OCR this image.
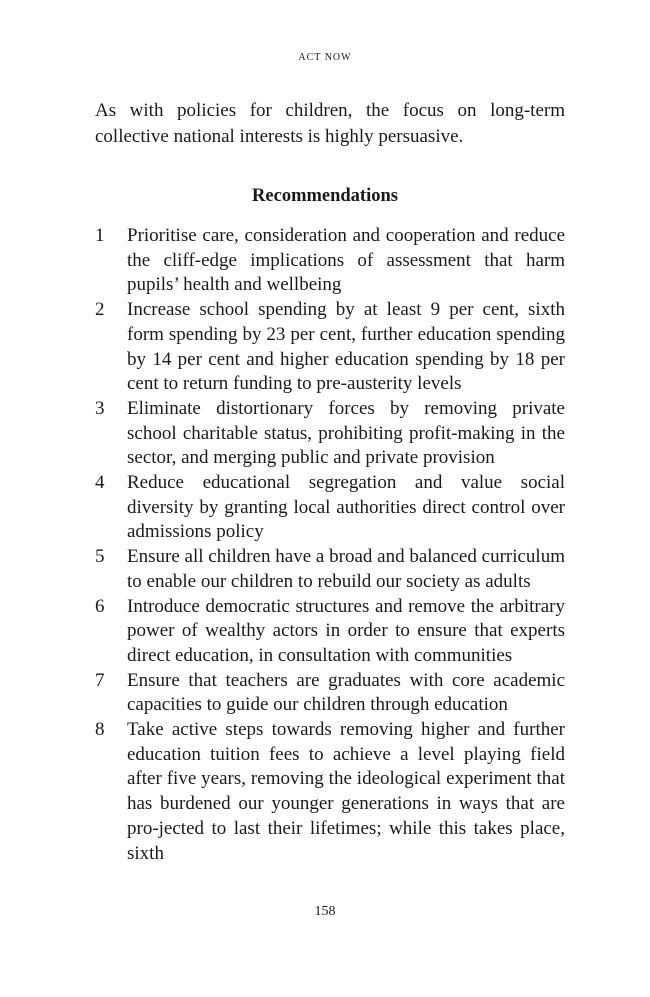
ACT NOW

As with policies for children, the focus on long-term collective national interests is highly persuasive.

Recommendations
1	Prioritise care, consideration and cooperation and reduce the cliff-edge implications of assessment that harm pupils’ health and wellbeing
2	Increase school spending by at least 9 per cent, sixth form spending by 23 per cent, further education spending by 14 per cent and higher education spending by 18 per cent to return funding to pre-austerity levels
3	Eliminate distortionary forces by removing private school charitable status, prohibiting profit-making in the sector, and merging public and private provision
4	Reduce educational segregation and value social diversity by granting local authorities direct control over admissions policy
5	Ensure all children have a broad and balanced curriculum to enable our children to rebuild our society as adults
6	Introduce democratic structures and remove the arbitrary power of wealthy actors in order to ensure that experts direct education, in consultation with communities
7	Ensure that teachers are graduates with core academic capacities to guide our children through education
8	Take active steps towards removing higher and further education tuition fees to achieve a level playing field after five years, removing the ideological experiment that has burdened our younger generations in ways that are pro-jected to last their lifetimes; while this takes place, sixth
158
